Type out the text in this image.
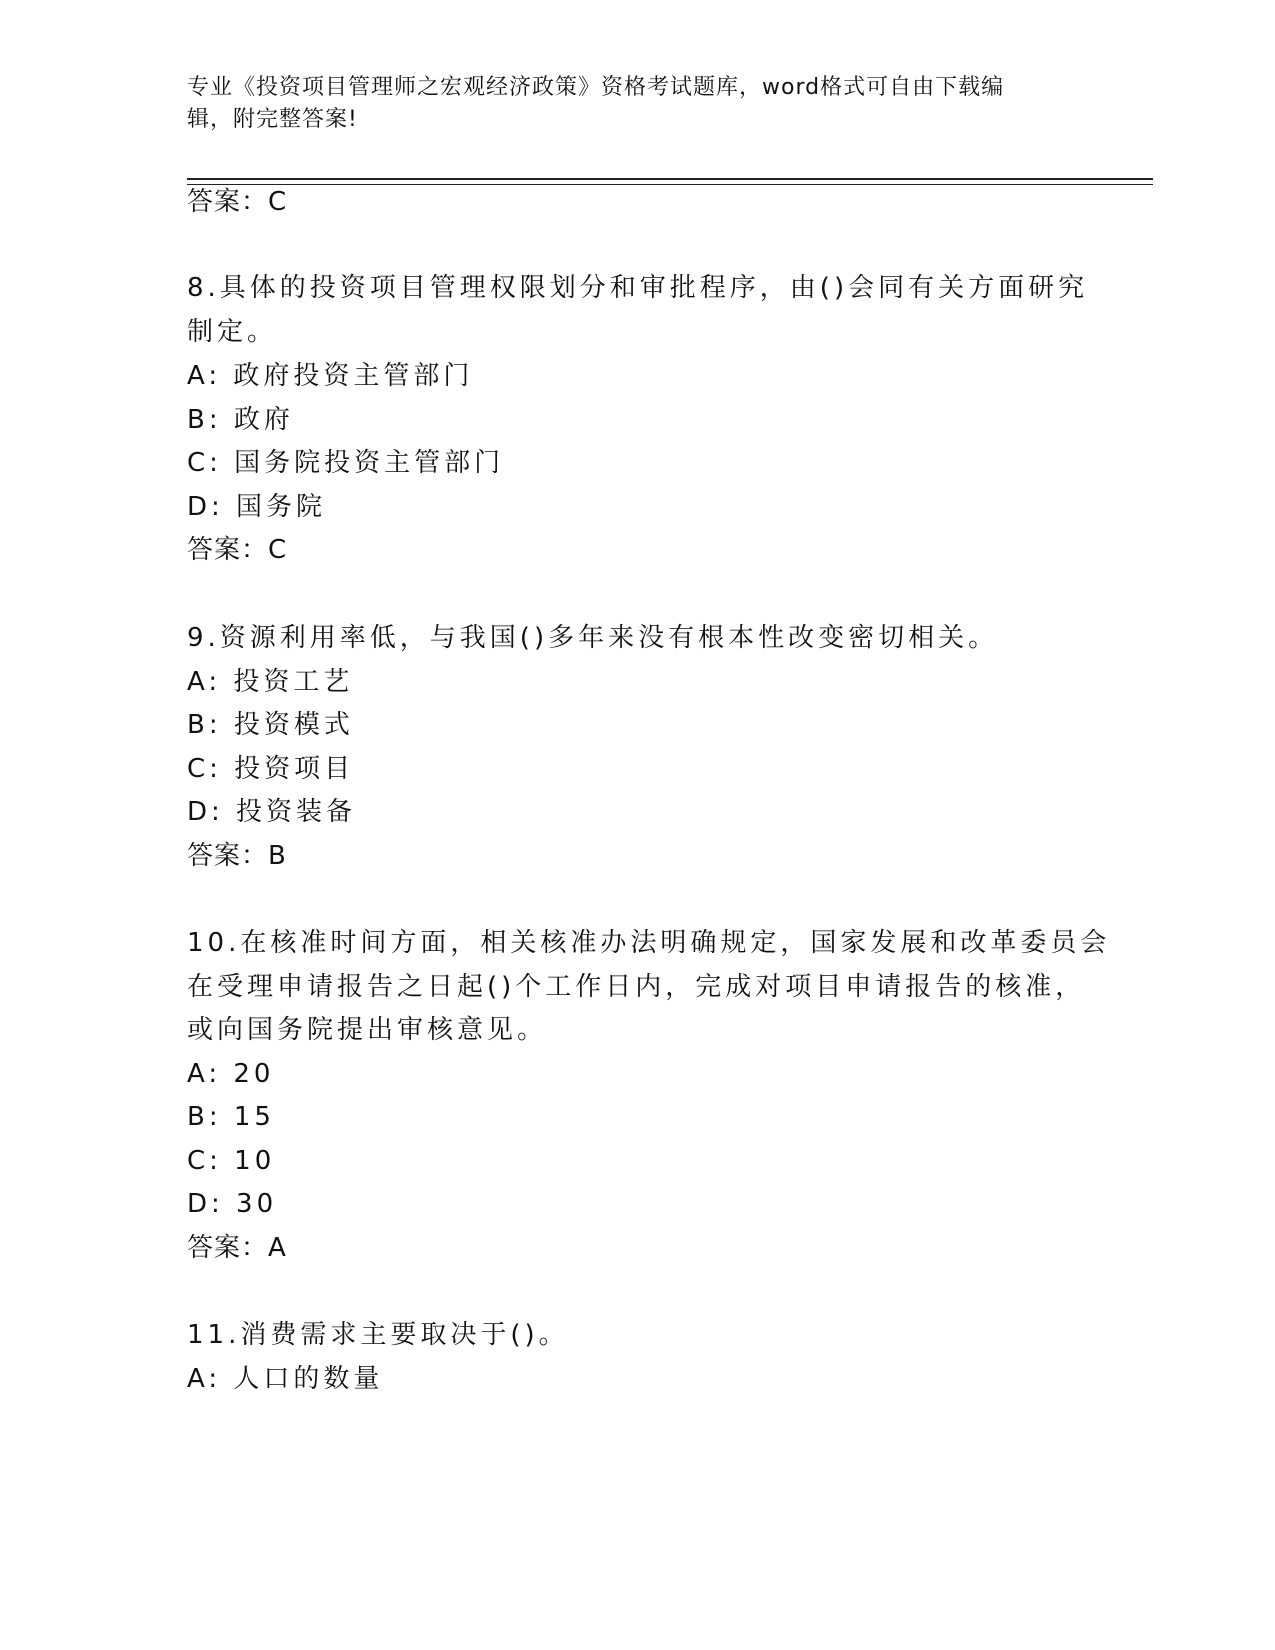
专业《投资项目管理师之宏观经济政策》资格考试题库，word格式可自由下载编
辑，附完整答案!
答案：C
8.具体的投资项目管理权限划分和审批程序，由()会同有关方面研究
制定。
A: 政府投资主管部门
B: 政府
C: 国务院投资主管部门
D: 国务院
答案：C
9.资源利用率低，与我国()多年来没有根本性改变密切相关。
A: 投资工艺
B: 投资模式
C: 投资项目
D: 投资装备
答案：B
10.在核准时间方面，相关核准办法明确规定，国家发展和改革委员会
在受理申请报告之日起()个工作日内，完成对项目申请报告的核准，
或向国务院提出审核意见。
A: 20
B: 15
C: 10
D: 30
答案：A
11.消费需求主要取决于()。
A: 人口的数量
